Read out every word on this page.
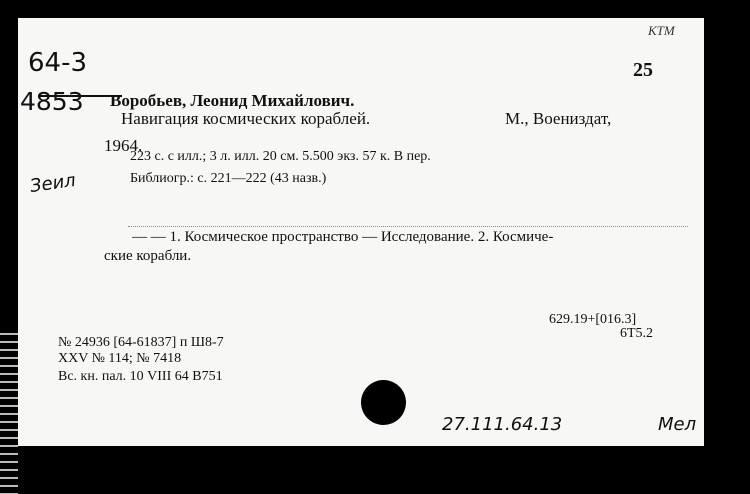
64-3
КТМ
25
4853 Воробьев, Леонид Михайлович.
Навигация космических кораблей.	М., Воениздат,
1964.
Зеил
223 с. с илл.; 3 л. илл. 20 см. 5.500 экз. 57 к. В пер.
Библиогр.: с. 221—222 (43 назв.)
— — 1. Космическое пространство — Исследование. 2. Космиче-
ские корабли.
629.19+[016.3]
6Т5.2
№ 24936 [64-61837] п Ш8-7
XXV № 114; № 7418
Вс. кн. пал. 10 VIII 64 В751
27.111.64.13	Мел
